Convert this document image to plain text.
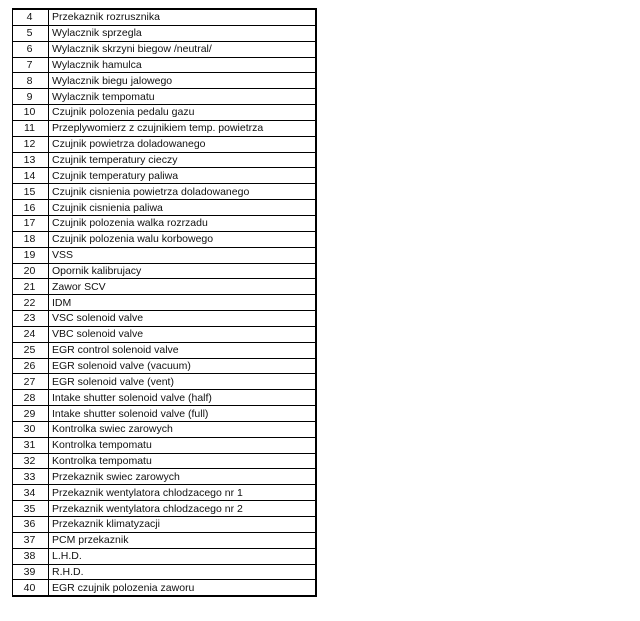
4	Przekaznik rozrusznika
5	Wylacznik sprzegla
6	Wylacznik skrzyni biegow /neutral/
7	Wylacznik hamulca
8	Wylacznik biegu jalowego
9	Wylacznik tempomatu
10	Czujnik polozenia pedalu gazu
11	Przeplywomierz z czujnikiem temp. powietrza
12	Czujnik powietrza doladowanego
13	Czujnik temperatury cieczy
14	Czujnik temperatury paliwa
15	Czujnik cisnienia powietrza doladowanego
16	Czujnik cisnienia paliwa
17	Czujnik polozenia walka rozrzadu
18	Czujnik polozenia walu korbowego
19	VSS
20	Opornik kalibrujacy
21	Zawor SCV
22	IDM
23	VSC solenoid valve
24	VBC solenoid valve
25	EGR control solenoid valve
26	EGR solenoid valve (vacuum)
27	EGR solenoid valve (vent)
28	Intake shutter solenoid valve (half)
29	Intake shutter solenoid valve (full)
30	Kontrolka swiec zarowych
31	Kontrolka tempomatu
32	Kontrolka tempomatu
33	Przekaznik swiec zarowych
34	Przekaznik wentylatora chlodzacego nr 1
35	Przekaznik wentylatora chlodzacego nr 2
36	Przekaznik klimatyzacji
37	PCM przekaznik
38	L.H.D.
39	R.H.D.
40	EGR czujnik polozenia zaworu
